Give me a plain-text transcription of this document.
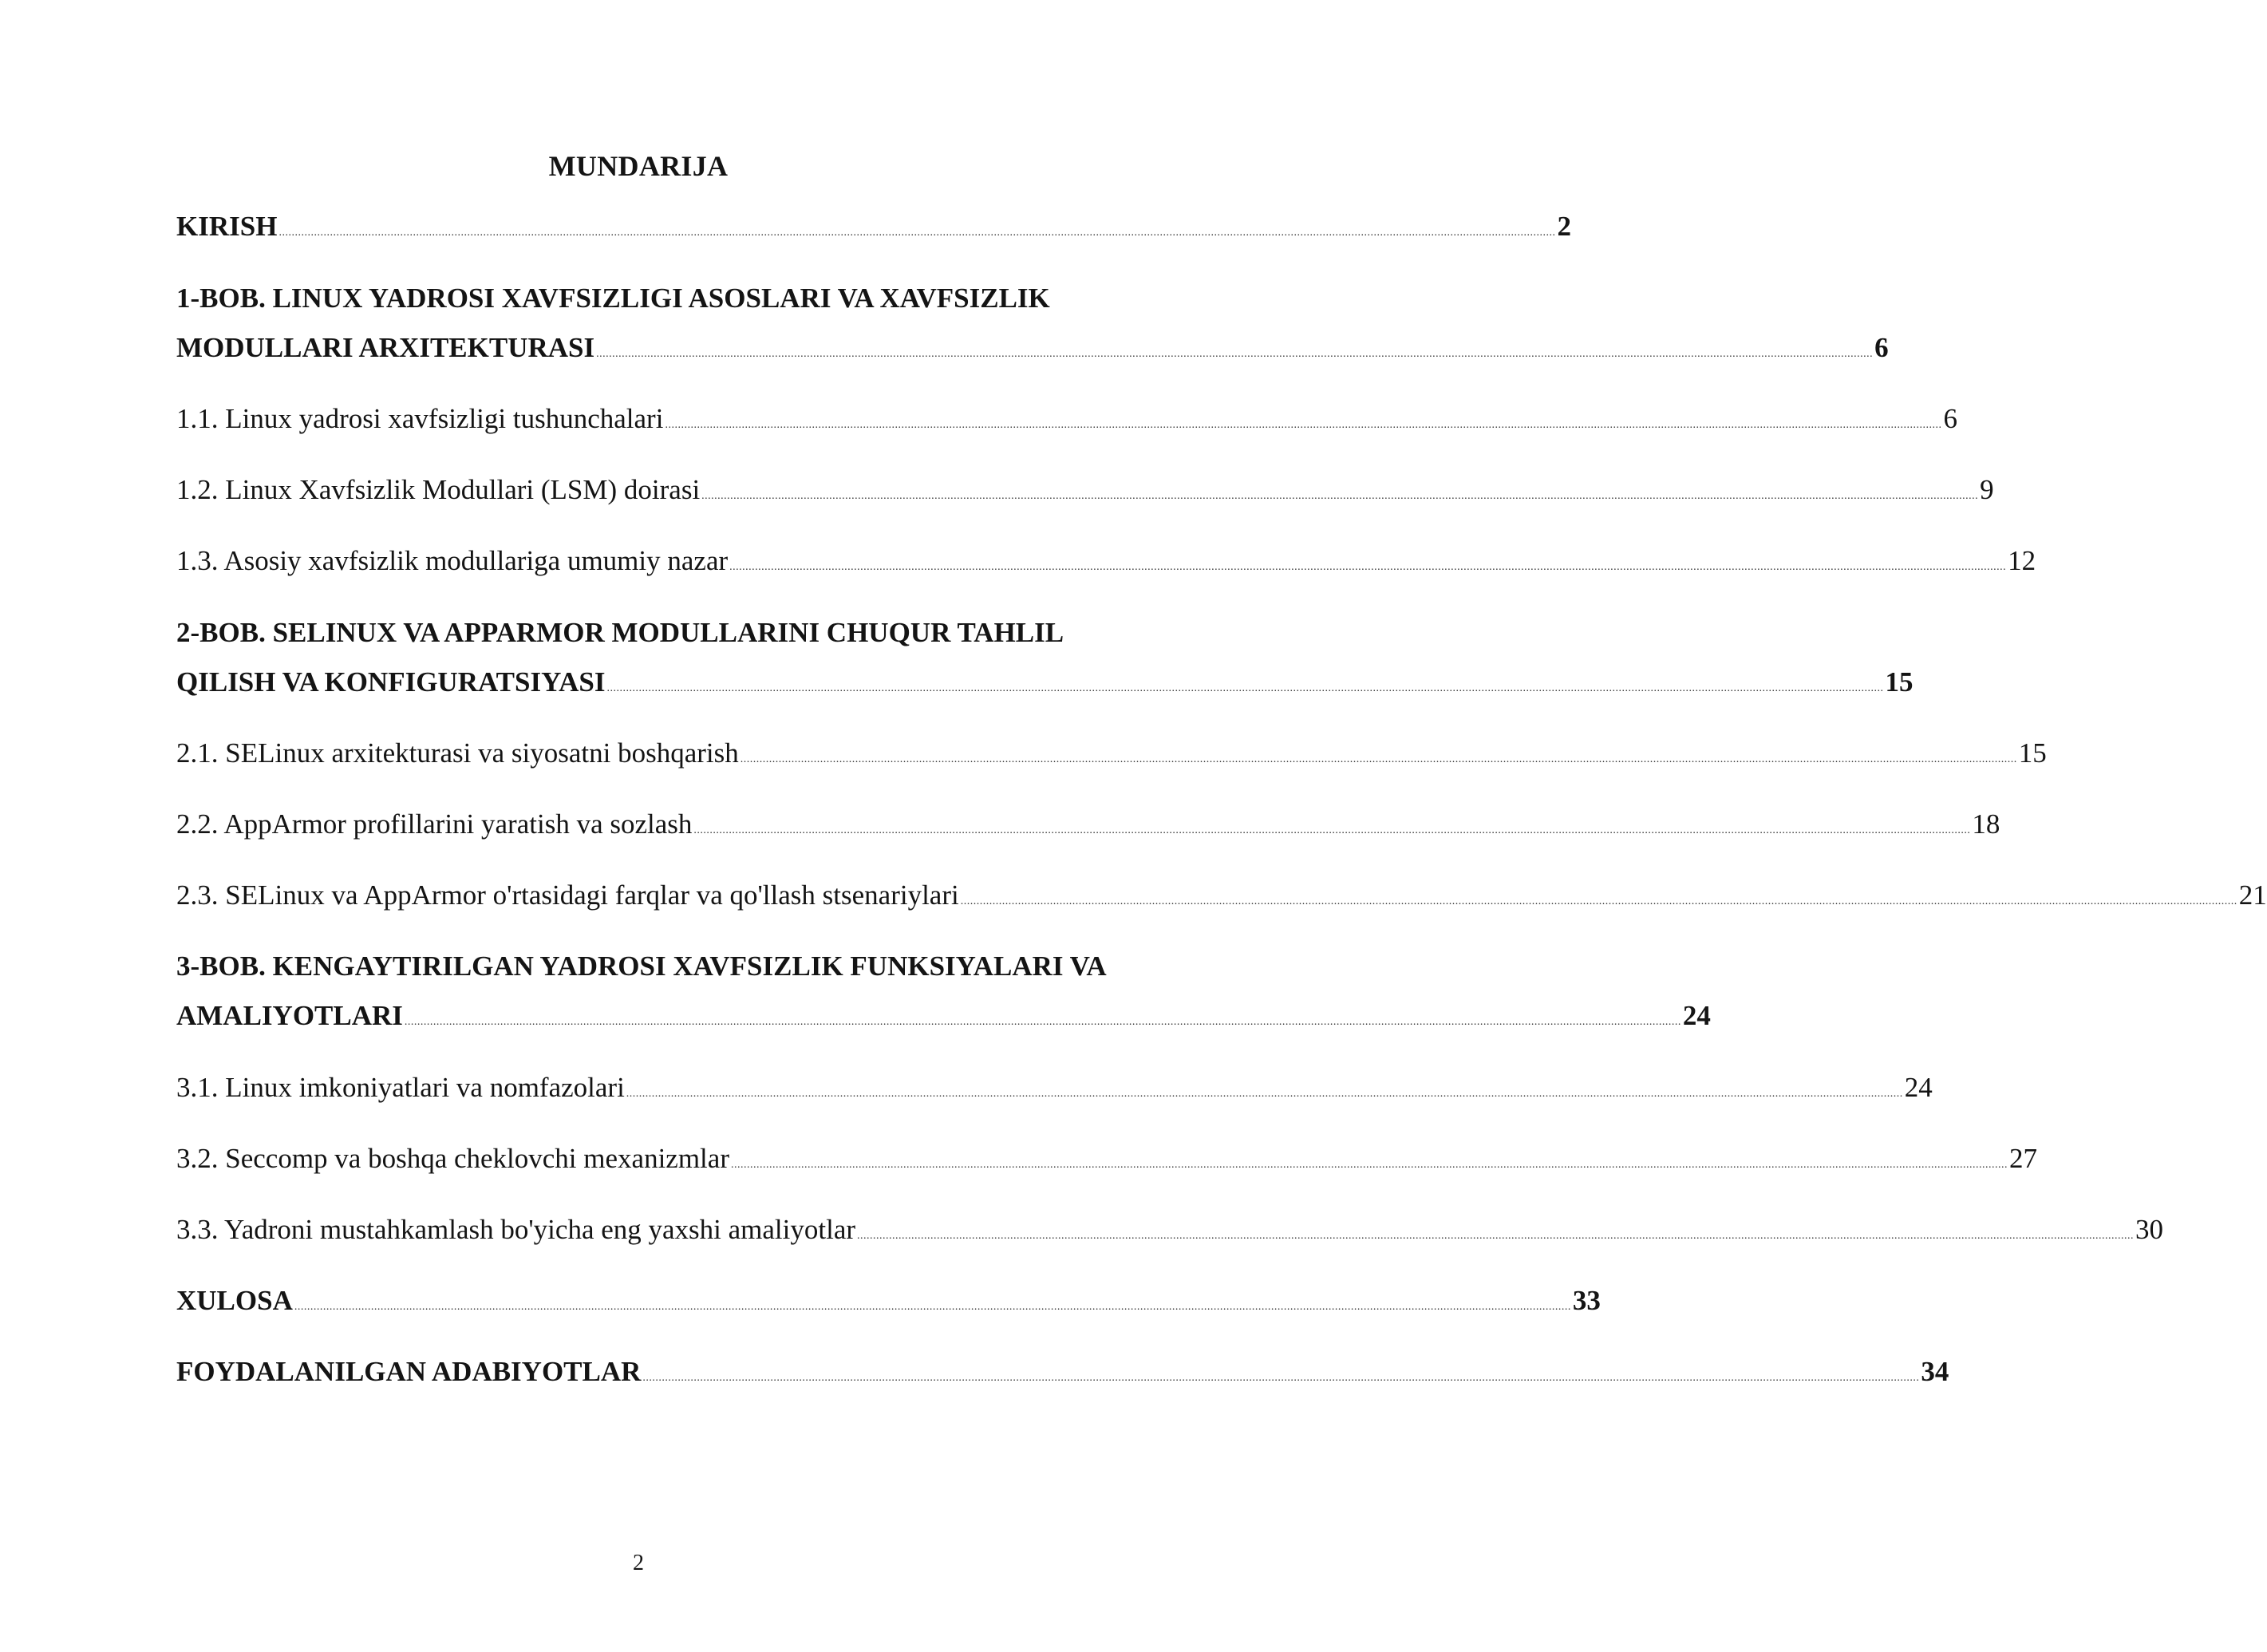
MUNDARIJA
KIRISH ................................................................................................................................................................................................................................................................................................................................................................................................................ 2
1-BOB. LINUX YADROSI XAVFSIZLIGI ASOSLARI VA XAVFSIZLIK
MODULLARI ARXITEKTURASI ................................................................................................................................................................................................................................................................................................................................................................................................................ 6
1.1. Linux yadrosi xavfsizligi tushunchalari ................................................................................................................................................................................................................................................................................................................................................................................................................ 6
1.2. Linux Xavfsizlik Modullari (LSM) doirasi ................................................................................................................................................................................................................................................................................................................................................................................................................ 9
1.3. Asosiy xavfsizlik modullariga umumiy nazar ................................................................................................................................................................................................................................................................................................................................................................................................................ 12
2-BOB. SELINUX VA APPARMOR MODULLARINI CHUQUR TAHLIL
QILISH VA KONFIGURATSIYASI ................................................................................................................................................................................................................................................................................................................................................................................................................ 15
2.1. SELinux arxitekturasi va siyosatni boshqarish ................................................................................................................................................................................................................................................................................................................................................................................................................ 15
2.2. AppArmor profillarini yaratish va sozlash ................................................................................................................................................................................................................................................................................................................................................................................................................ 18
2.3. SELinux va AppArmor o'rtasidagi farqlar va qo'llash stsenariylari ................................................................................................................................................................................................................................................................................................................................................................................................................ 21
3-BOB. KENGAYTIRILGAN YADROSI XAVFSIZLIK FUNKSIYALARI VA
AMALIYOTLARI ................................................................................................................................................................................................................................................................................................................................................................................................................ 24
3.1. Linux imkoniyatlari va nomfazolari ................................................................................................................................................................................................................................................................................................................................................................................................................ 24
3.2. Seccomp va boshqa cheklovchi mexanizmlar ................................................................................................................................................................................................................................................................................................................................................................................................................ 27
3.3. Yadroni mustahkamlash bo'yicha eng yaxshi amaliyotlar ................................................................................................................................................................................................................................................................................................................................................................................................................ 30
XULOSA ................................................................................................................................................................................................................................................................................................................................................................................................................ 33
FOYDALANILGAN ADABIYOTLAR ................................................................................................................................................................................................................................................................................................................................................................................................................ 34
2
